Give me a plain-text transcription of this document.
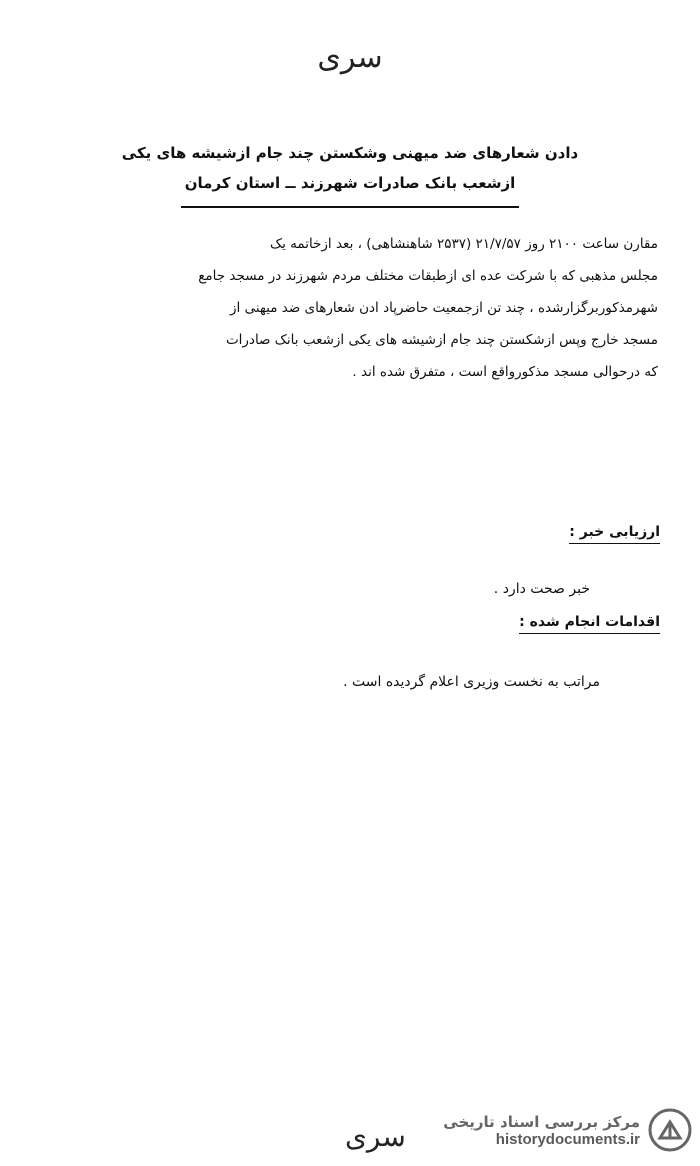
سری
دادن شعارهای ضد میهنی وشکستن چند جام ازشیشه های یکی
ازشعب بانک صادرات شهرزند ــ استان کرمان

مقارن ساعت ۲۱۰۰ روز ۲۱/۷/۵۷ (۲۵۳۷ شاهنشاهی) ، بعد ازخاتمه یک

مجلس مذهبی که با شرکت عده ای ازطبقات مختلف مردم شهرزند در مسجد جامع

شهرمذکوربرگزارشده ، چند تن ازجمعیت حاضرپاد ادن شعارهای ضد میهنی از

مسجد خارج وپس ازشکستن چند جام ازشیشه های یکی ازشعب بانک صادرات

که درحوالی مسجد مذکورواقع است ، متفرق شده اند .

ارزیابی خبر :
خبر صحت دارد .
اقدامات انجام شده :
مراتب به نخست وزیری اعلام گردیده است .
سری مرکز بررسی اسناد تاریخی
historydocuments.ir
